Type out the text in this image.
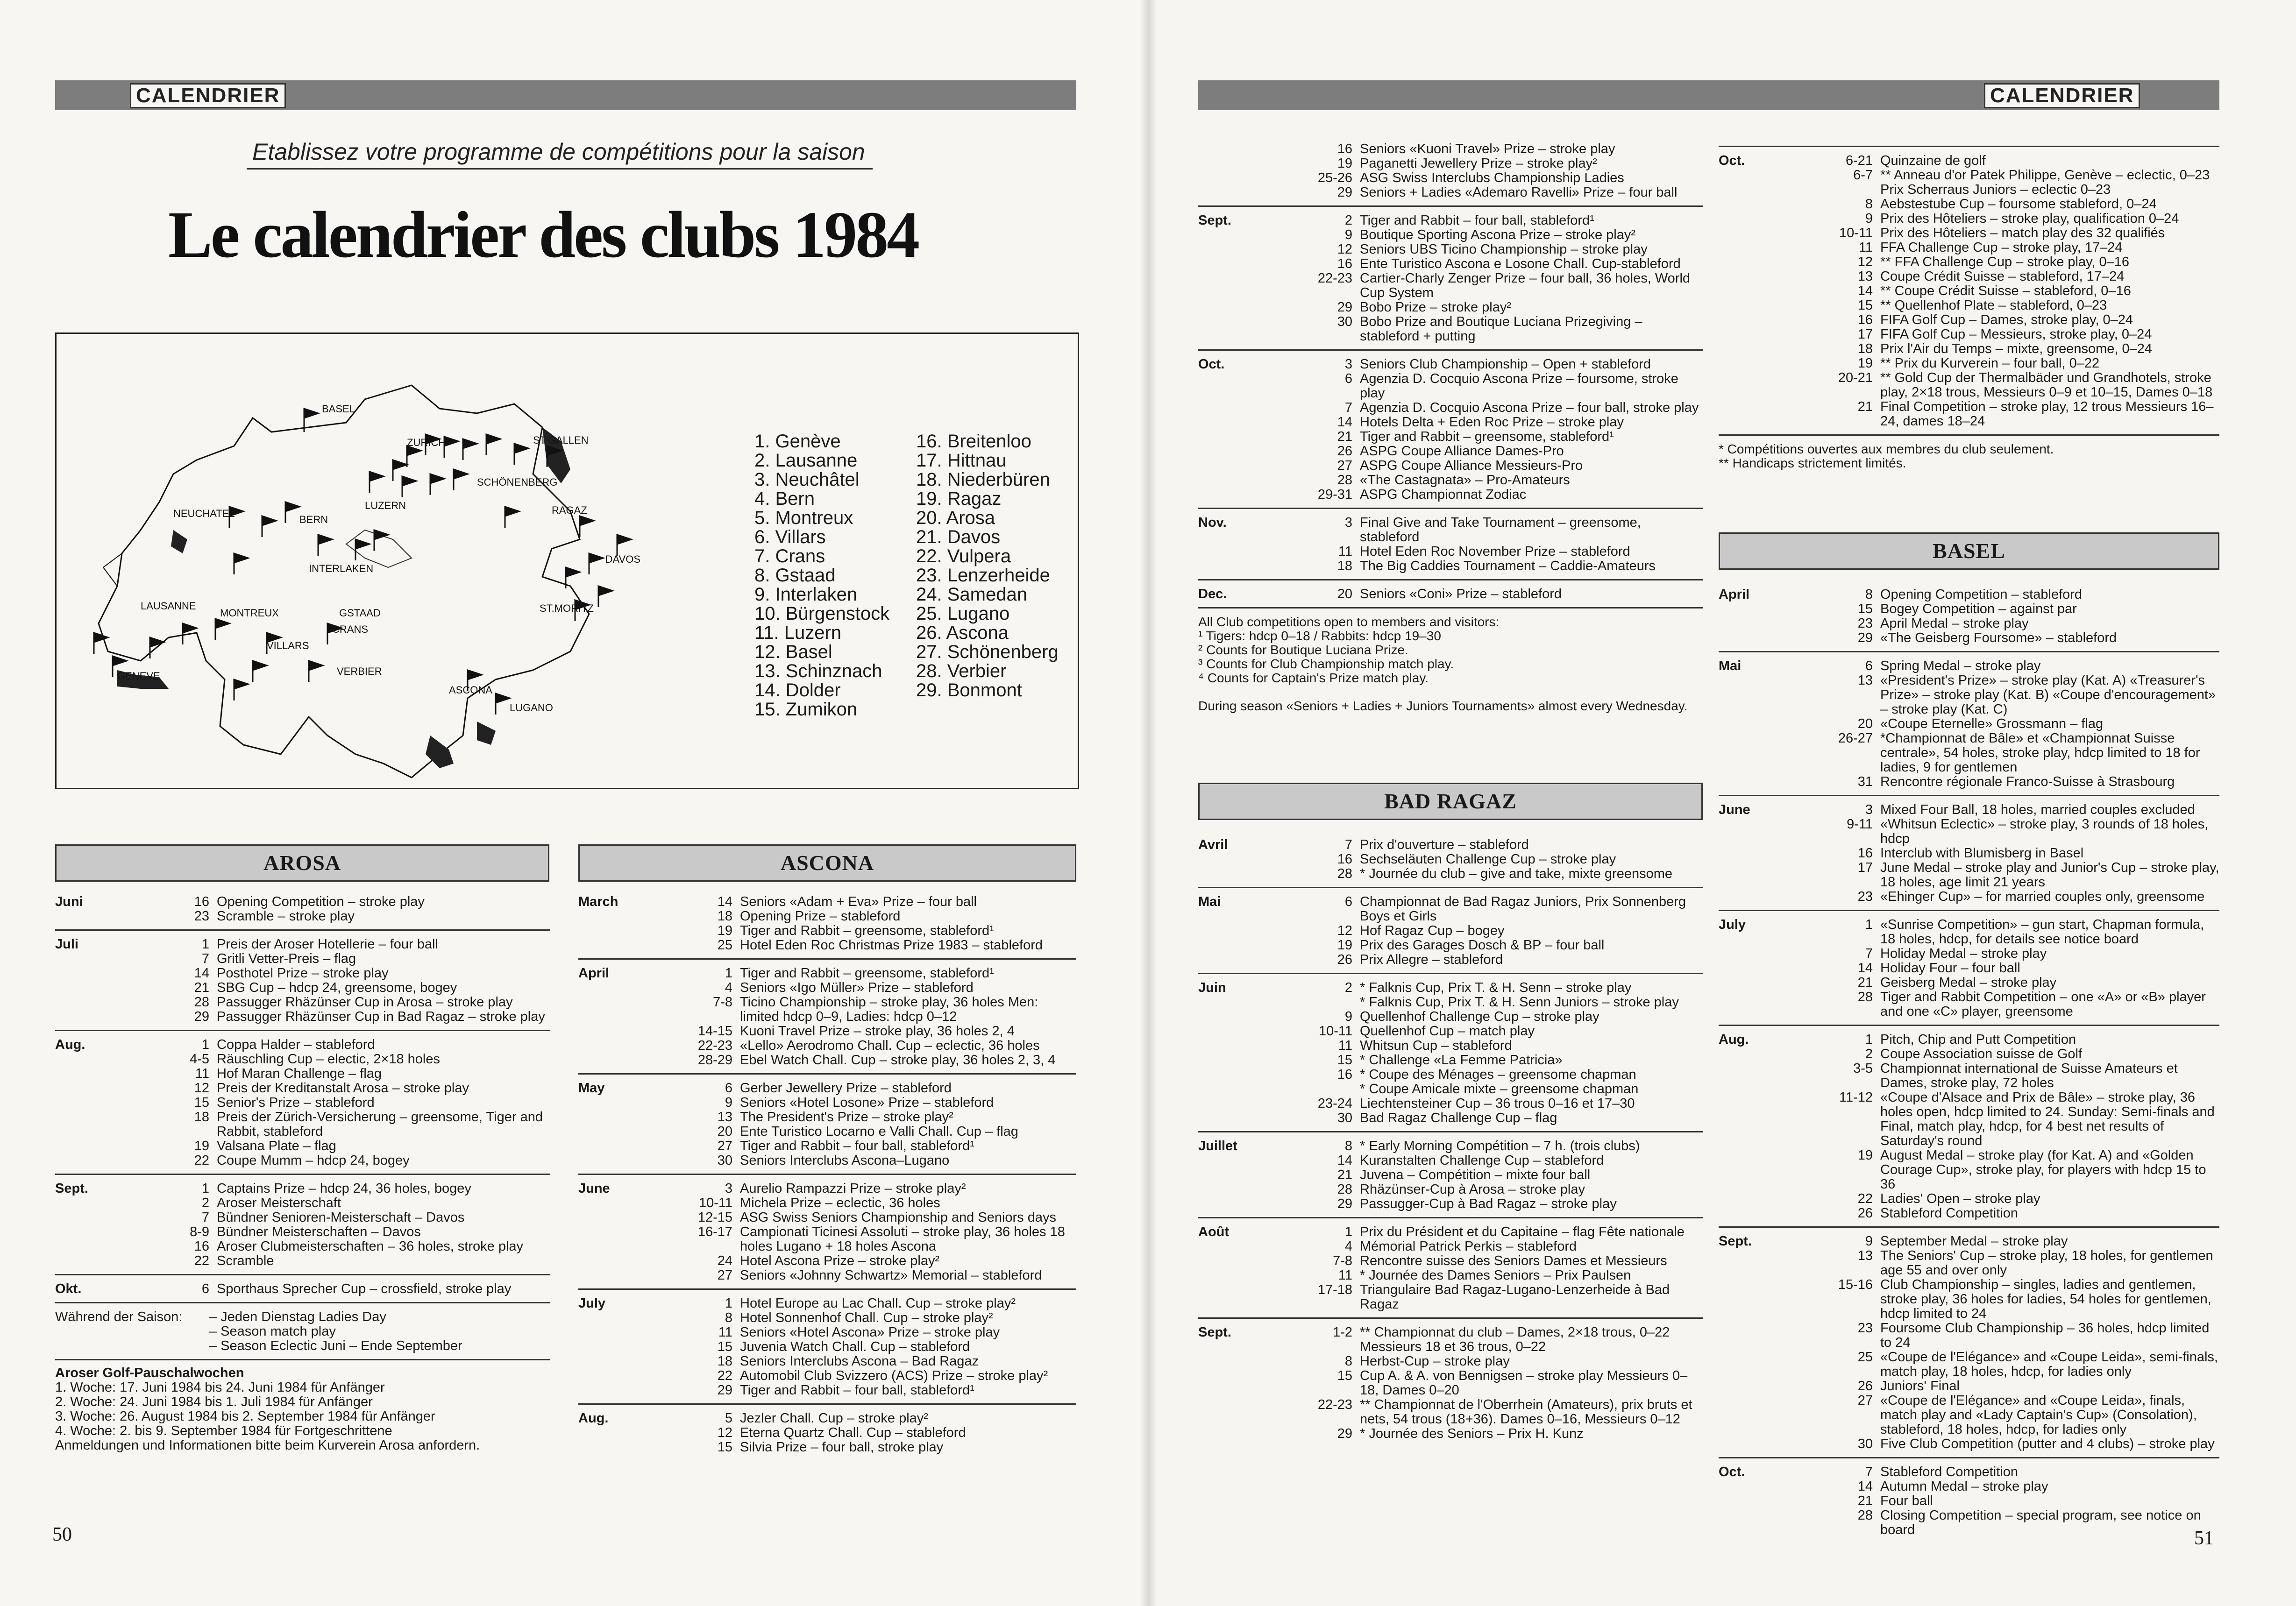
CALENDRIER
Etablissez votre programme de compétitions pour la saison
Le calendrier des clubs 1984
BASEL
ZURICH	ST.GALLEN
SCHÖNENBERG
LUZERN
NEUCHATEL
BERN
RAGAZ
INTERLAKEN
DAVOS
ST.MORITZ
LAUSANNE
MONTREUX	GSTAAD
CRANS
VILLARS
VERBIER
GENEVE
ASCONA
LUGANO
1. Genève
2. Lausanne
3. Neuchâtel
4. Bern
5. Montreux
6. Villars
7. Crans
8. Gstaad
9. Interlaken
10. Bürgenstock
11. Luzern
12. Basel
13. Schinznach
14. Dolder
15. Zumikon
16. Breitenloo
17. Hittnau
18. Niederbüren
19. Ragaz
20. Arosa
21. Davos
22. Vulpera
23. Lenzerheide
24. Samedan
25. Lugano
26. Ascona
27. Schönenberg
28. Verbier
29. Bonmont
AROSA
Juni	16 Opening Competition – stroke play
23 Scramble – stroke play
Juli	1 Preis der Aroser Hotellerie – four ball
7 Gritli Vetter-Preis – flag
14 Posthotel Prize – stroke play
21 SBG Cup – hdcp 24, greensome, bogey
28 Passugger Rhäzünser Cup in Arosa – stroke play
29 Passugger Rhäzünser Cup in Bad Ragaz – stroke play
Aug.	1 Coppa Halder – stableford
4-5 Räuschling Cup – electic, 2×18 holes
11 Hof Maran Challenge – flag
12 Preis der Kreditanstalt Arosa – stroke play
15 Senior's Prize – stableford
18 Preis der Zürich-Versicherung – greensome, Tiger and Rabbit, stableford
19 Valsana Plate – flag
22 Coupe Mumm – hdcp 24, bogey
Sept.	1 Captains Prize – hdcp 24, 36 holes, bogey
2 Aroser Meisterschaft
7 Bündner Senioren-Meisterschaft – Davos
8-9 Bündner Meisterschaften – Davos
16 Aroser Clubmeisterschaften – 36 holes, stroke play
22 Scramble
Okt.	6 Sporthaus Sprecher Cup – crossfield, stroke play
Während der Saison:	– Jeden Dienstag Ladies Day
– Season match play
– Season Eclectic Juni – Ende September
Aroser Golf-Pauschalwochen
1. Woche: 17. Juni 1984 bis 24. Juni 1984 für Anfänger
2. Woche: 24. Juni 1984 bis 1. Juli 1984 für Anfänger
3. Woche: 26. August 1984 bis 2. September 1984 für Anfänger
4. Woche: 2. bis 9. September 1984 für Fortgeschrittene
Anmeldungen und Informationen bitte beim Kurverein Arosa anfordern.
ASCONA
March	14 Seniors «Adam + Eva» Prize – four ball
18 Opening Prize – stableford
19 Tiger and Rabbit – greensome, stableford¹
25 Hotel Eden Roc Christmas Prize 1983 – stableford
April	1 Tiger and Rabbit – greensome, stableford¹
4 Seniors «Igo Müller» Prize – stableford
7-8 Ticino Championship – stroke play, 36 holes Men: limited hdcp 0–9, Ladies: hdcp 0–12
14-15 Kuoni Travel Prize – stroke play, 36 holes 2, 4
22-23 «Lello» Aerodromo Chall. Cup – eclectic, 36 holes
28-29 Ebel Watch Chall. Cup – stroke play, 36 holes 2, 3, 4
May	6 Gerber Jewellery Prize – stableford
9 Seniors «Hotel Losone» Prize – stableford
13 The President's Prize – stroke play²
20 Ente Turistico Locarno e Valli Chall. Cup – flag
27 Tiger and Rabbit – four ball, stableford¹
30 Seniors Interclubs Ascona–Lugano
June	3 Aurelio Rampazzi Prize – stroke play²
10-11 Michela Prize – eclectic, 36 holes
12-15 ASG Swiss Seniors Championship and Seniors days
16-17 Campionati Ticinesi Assoluti – stroke play, 36 holes 18 holes Lugano + 18 holes Ascona
24 Hotel Ascona Prize – stroke play²
27 Seniors «Johnny Schwartz» Memorial – stableford
July	1 Hotel Europe au Lac Chall. Cup – stroke play²
8 Hotel Sonnenhof Chall. Cup – stroke play²
11 Seniors «Hotel Ascona» Prize – stroke play
15 Juvenia Watch Chall. Cup – stableford
18 Seniors Interclubs Ascona – Bad Ragaz
22 Automobil Club Svizzero (ACS) Prize – stroke play²
29 Tiger and Rabbit – four ball, stableford¹
Aug.	5 Jezler Chall. Cup – stroke play²
12 Eterna Quartz Chall. Cup – stableford
15 Silvia Prize – four ball, stroke play
50
CALENDRIER
16 Seniors «Kuoni Travel» Prize – stroke play
19 Paganetti Jewellery Prize – stroke play²
25-26 ASG Swiss Interclubs Championship Ladies
29 Seniors + Ladies «Ademaro Ravelli» Prize – four ball
Sept.	2 Tiger and Rabbit – four ball, stableford¹
9 Boutique Sporting Ascona Prize – stroke play²
12 Seniors UBS Ticino Championship – stroke play
16 Ente Turistico Ascona e Losone Chall. Cup-stableford
22-23 Cartier-Charly Zenger Prize – four ball, 36 holes, World Cup System
29 Bobo Prize – stroke play²
30 Bobo Prize and Boutique Luciana Prizegiving – stableford + putting
Oct.	3 Seniors Club Championship – Open + stableford
6 Agenzia D. Cocquio Ascona Prize – foursome, stroke play
7 Agenzia D. Cocquio Ascona Prize – four ball, stroke play
14 Hotels Delta + Eden Roc Prize – stroke play
21 Tiger and Rabbit – greensome, stableford¹
26 ASPG Coupe Alliance Dames-Pro
27 ASPG Coupe Alliance Messieurs-Pro
28 «The Castagnata» – Pro-Amateurs
29-31 ASPG Championnat Zodiac
Nov.	3 Final Give and Take Tournament – greensome, stableford
11 Hotel Eden Roc November Prize – stableford
18 The Big Caddies Tournament – Caddie-Amateurs
Dec.	20 Seniors «Coni» Prize – stableford
All Club competitions open to members and visitors:
¹ Tigers: hdcp 0–18 / Rabbits: hdcp 19–30
² Counts for Boutique Luciana Prize.
³ Counts for Club Championship match play.
⁴ Counts for Captain's Prize match play.
During season «Seniors + Ladies + Juniors Tournaments» almost every Wednesday.
BAD RAGAZ
Avril	7 Prix d'ouverture – stableford
16 Sechseläuten Challenge Cup – stroke play
28 * Journée du club – give and take, mixte greensome
Mai	6 Championnat de Bad Ragaz Juniors, Prix Sonnenberg Boys et Girls
12 Hof Ragaz Cup – bogey
19 Prix des Garages Dosch & BP – four ball
26 Prix Allegre – stableford
Juin	2 * Falknis Cup, Prix T. & H. Senn – stroke play
* Falknis Cup, Prix T. & H. Senn Juniors – stroke play
9 Quellenhof Challenge Cup – stroke play
10-11 Quellenhof Cup – match play
11 Whitsun Cup – stableford
15 * Challenge «La Femme Patricia»
16 * Coupe des Ménages – greensome chapman
* Coupe Amicale mixte – greensome chapman
23-24 Liechtensteiner Cup – 36 trous 0–16 et 17–30
30 Bad Ragaz Challenge Cup – flag
Juillet	8 * Early Morning Compétition – 7 h. (trois clubs)
14 Kuranstalten Challenge Cup – stableford
21 Juvena – Compétition – mixte four ball
28 Rhäzünser-Cup à Arosa – stroke play
29 Passugger-Cup à Bad Ragaz – stroke play
Août	1 Prix du Président et du Capitaine – flag Fête nationale
4 Mémorial Patrick Perkis – stableford
7-8 Rencontre suisse des Seniors Dames et Messieurs
11 * Journée des Dames Seniors – Prix Paulsen
17-18 Triangulaire Bad Ragaz-Lugano-Lenzerheide à Bad Ragaz
Sept.	1-2 ** Championnat du club – Dames, 2×18 trous, 0–22 Messieurs 18 et 36 trous, 0–22
8 Herbst-Cup – stroke play
15 Cup A. & A. von Bennigsen – stroke play Messieurs 0–18, Dames 0–20
22-23 ** Championnat de l'Oberrhein (Amateurs), prix bruts et nets, 54 trous (18+36). Dames 0–16, Messieurs 0–12
29 * Journée des Seniors – Prix H. Kunz
Oct.	6-21 Quinzaine de golf
6-7 ** Anneau d'or Patek Philippe, Genève – eclectic, 0–23 Prix Scherraus Juniors – eclectic 0–23
8 Aebstestube Cup – foursome stableford, 0–24
9 Prix des Hôteliers – stroke play, qualification 0–24
10-11 Prix des Hôteliers – match play des 32 qualifiés
11 FFA Challenge Cup – stroke play, 17–24
12 ** FFA Challenge Cup – stroke play, 0–16
13 Coupe Crédit Suisse – stableford, 17–24
14 ** Coupe Crédit Suisse – stableford, 0–16
15 ** Quellenhof Plate – stableford, 0–23
16 FIFA Golf Cup – Dames, stroke play, 0–24
17 FIFA Golf Cup – Messieurs, stroke play, 0–24
18 Prix l'Air du Temps – mixte, greensome, 0–24
19 ** Prix du Kurverein – four ball, 0–22
20-21 ** Gold Cup der Thermalbäder und Grandhotels, stroke play, 2×18 trous, Messieurs 0–9 et 10–15, Dames 0–18
21 Final Competition – stroke play, 12 trous Messieurs 16–24, dames 18–24
* Compétitions ouvertes aux membres du club seulement.
** Handicaps strictement limités.
BASEL
April	8 Opening Competition – stableford
15 Bogey Competition – against par
23 April Medal – stroke play
29 «The Geisberg Foursome» – stableford
Mai	6 Spring Medal – stroke play
13 «President's Prize» – stroke play (Kat. A) «Treasurer's Prize» – stroke play (Kat. B) «Coupe d'encouragement» – stroke play (Kat. C)
20 «Coupe Eternelle» Grossmann – flag
26-27 *Championnat de Bâle» et «Championnat Suisse centrale», 54 holes, stroke play, hdcp limited to 18 for ladies, 9 for gentlemen
31 Rencontre régionale Franco-Suisse à Strasbourg
June	3 Mixed Four Ball, 18 holes, married couples excluded
9-11 «Whitsun Eclectic» – stroke play, 3 rounds of 18 holes, hdcp
16 Interclub with Blumisberg in Basel
17 June Medal – stroke play and Junior's Cup – stroke play, 18 holes, age limit 21 years
23 «Ehinger Cup» – for married couples only, greensome
July	1 «Sunrise Competition» – gun start, Chapman formula, 18 holes, hdcp, for details see notice board
7 Holiday Medal – stroke play
14 Holiday Four – four ball
21 Geisberg Medal – stroke play
28 Tiger and Rabbit Competition – one «A» or «B» player and one «C» player, greensome
Aug.	1 Pitch, Chip and Putt Competition
2 Coupe Association suisse de Golf
3-5 Championnat international de Suisse Amateurs et Dames, stroke play, 72 holes
11-12 «Coupe d'Alsace and Prix de Bâle» – stroke play, 36 holes open, hdcp limited to 24. Sunday: Semi-finals and Final, match play, hdcp, for 4 best net results of Saturday's round
19 August Medal – stroke play (for Kat. A) and «Golden Courage Cup», stroke play, for players with hdcp 15 to 36
22 Ladies' Open – stroke play
26 Stableford Competition
Sept.	9 September Medal – stroke play
13 The Seniors' Cup – stroke play, 18 holes, for gentlemen age 55 and over only
15-16 Club Championship – singles, ladies and gentlemen, stroke play, 36 holes for ladies, 54 holes for gentlemen, hdcp limited to 24
23 Foursome Club Championship – 36 holes, hdcp limited to 24
25 «Coupe de l'Elégance» and «Coupe Leida», semi-finals, match play, 18 holes, hdcp, for ladies only
26 Juniors' Final
27 «Coupe de l'Elégance» and «Coupe Leida», finals, match play and «Lady Captain's Cup» (Consolation), stableford, 18 holes, hdcp, for ladies only
30 Five Club Competition (putter and 4 clubs) – stroke play
Oct.	7 Stableford Competition
14 Autumn Medal – stroke play
21 Four ball
28 Closing Competition – special program, see notice on board	51
